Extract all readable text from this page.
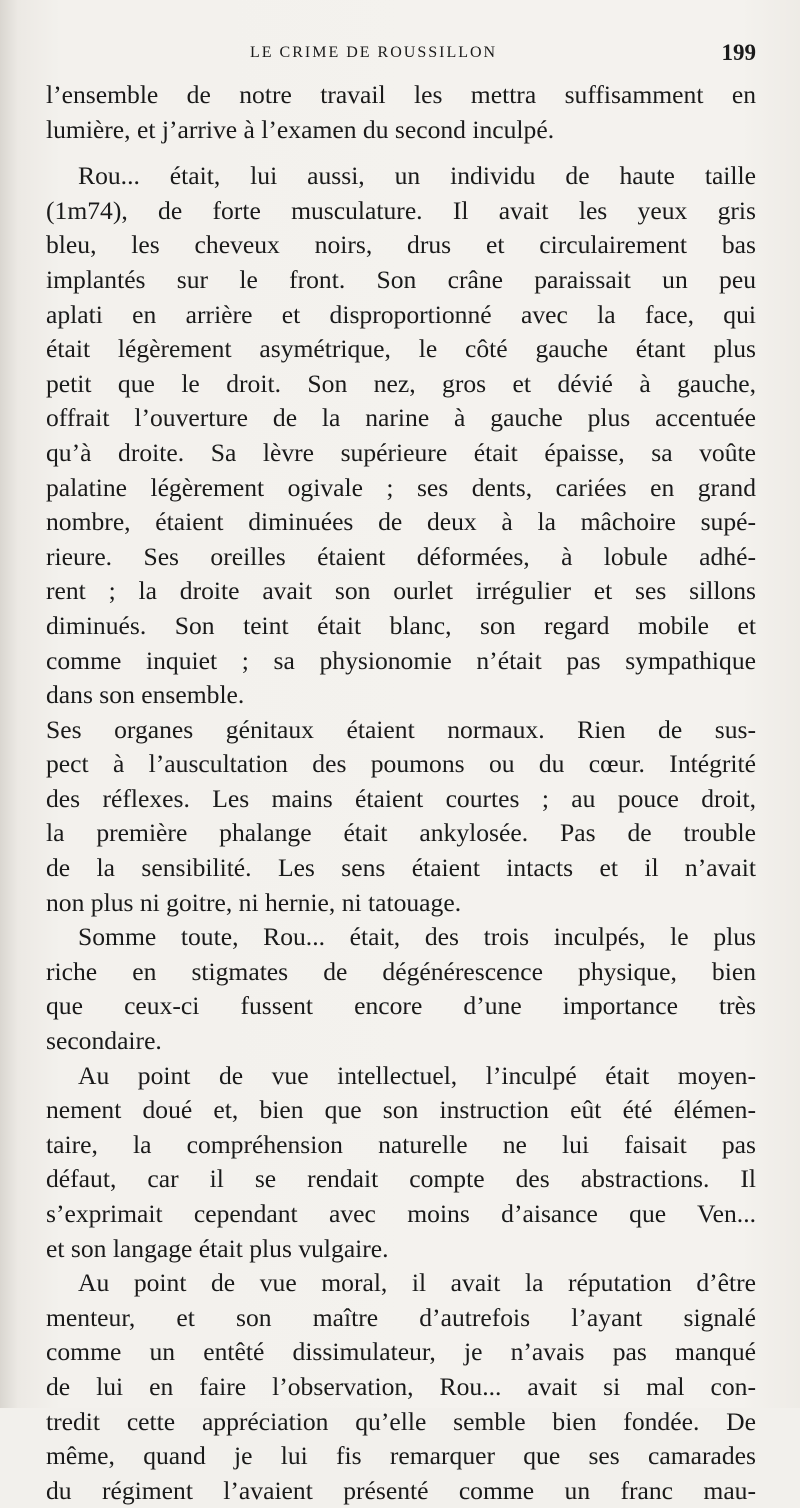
LE CRIME DE ROUSSILLON	199
l’ensemble de notre travail les mettra suffisamment en
lumière, et j’arrive à l’examen du second inculpé.
Rou... était, lui aussi, un individu de haute taille
(1m74), de forte musculature. Il avait les yeux gris
bleu, les cheveux noirs, drus et circulairement bas
implantés sur le front. Son crâne paraissait un peu
aplati en arrière et disproportionné avec la face, qui
était légèrement asymétrique, le côté gauche étant plus
petit que le droit. Son nez, gros et dévié à gauche,
offrait l’ouverture de la narine à gauche plus accentuée
qu’à droite. Sa lèvre supérieure était épaisse, sa voûte
palatine légèrement ogivale ; ses dents, cariées en grand
nombre, étaient diminuées de deux à la mâchoire supé-
rieure. Ses oreilles étaient déformées, à lobule adhé-
rent ; la droite avait son ourlet irrégulier et ses sillons
diminués. Son teint était blanc, son regard mobile et
comme inquiet ; sa physionomie n’était pas sympathique
dans son ensemble.
Ses organes génitaux étaient normaux. Rien de sus-
pect à l’auscultation des poumons ou du cœur. Intégrité
des réflexes. Les mains étaient courtes ; au pouce droit,
la première phalange était ankylosée. Pas de trouble
de la sensibilité. Les sens étaient intacts et il n’avait
non plus ni goitre, ni hernie, ni tatouage.
Somme toute, Rou... était, des trois inculpés, le plus
riche en stigmates de dégénérescence physique, bien
que ceux-ci fussent encore d’une importance très
secondaire.
Au point de vue intellectuel, l’inculpé était moyen-
nement doué et, bien que son instruction eût été élémen-
taire, la compréhension naturelle ne lui faisait pas
défaut, car il se rendait compte des abstractions. Il
s’exprimait cependant avec moins d’aisance que Ven...
et son langage était plus vulgaire.
Au point de vue moral, il avait la réputation d’être
menteur, et son maître d’autrefois l’ayant signalé
comme un entêté dissimulateur, je n’avais pas manqué
de lui en faire l’observation, Rou... avait si mal con-
tredit cette appréciation qu’elle semble bien fondée. De
même, quand je lui fis remarquer que ses camarades
du régiment l’avaient présenté comme un franc mau-
